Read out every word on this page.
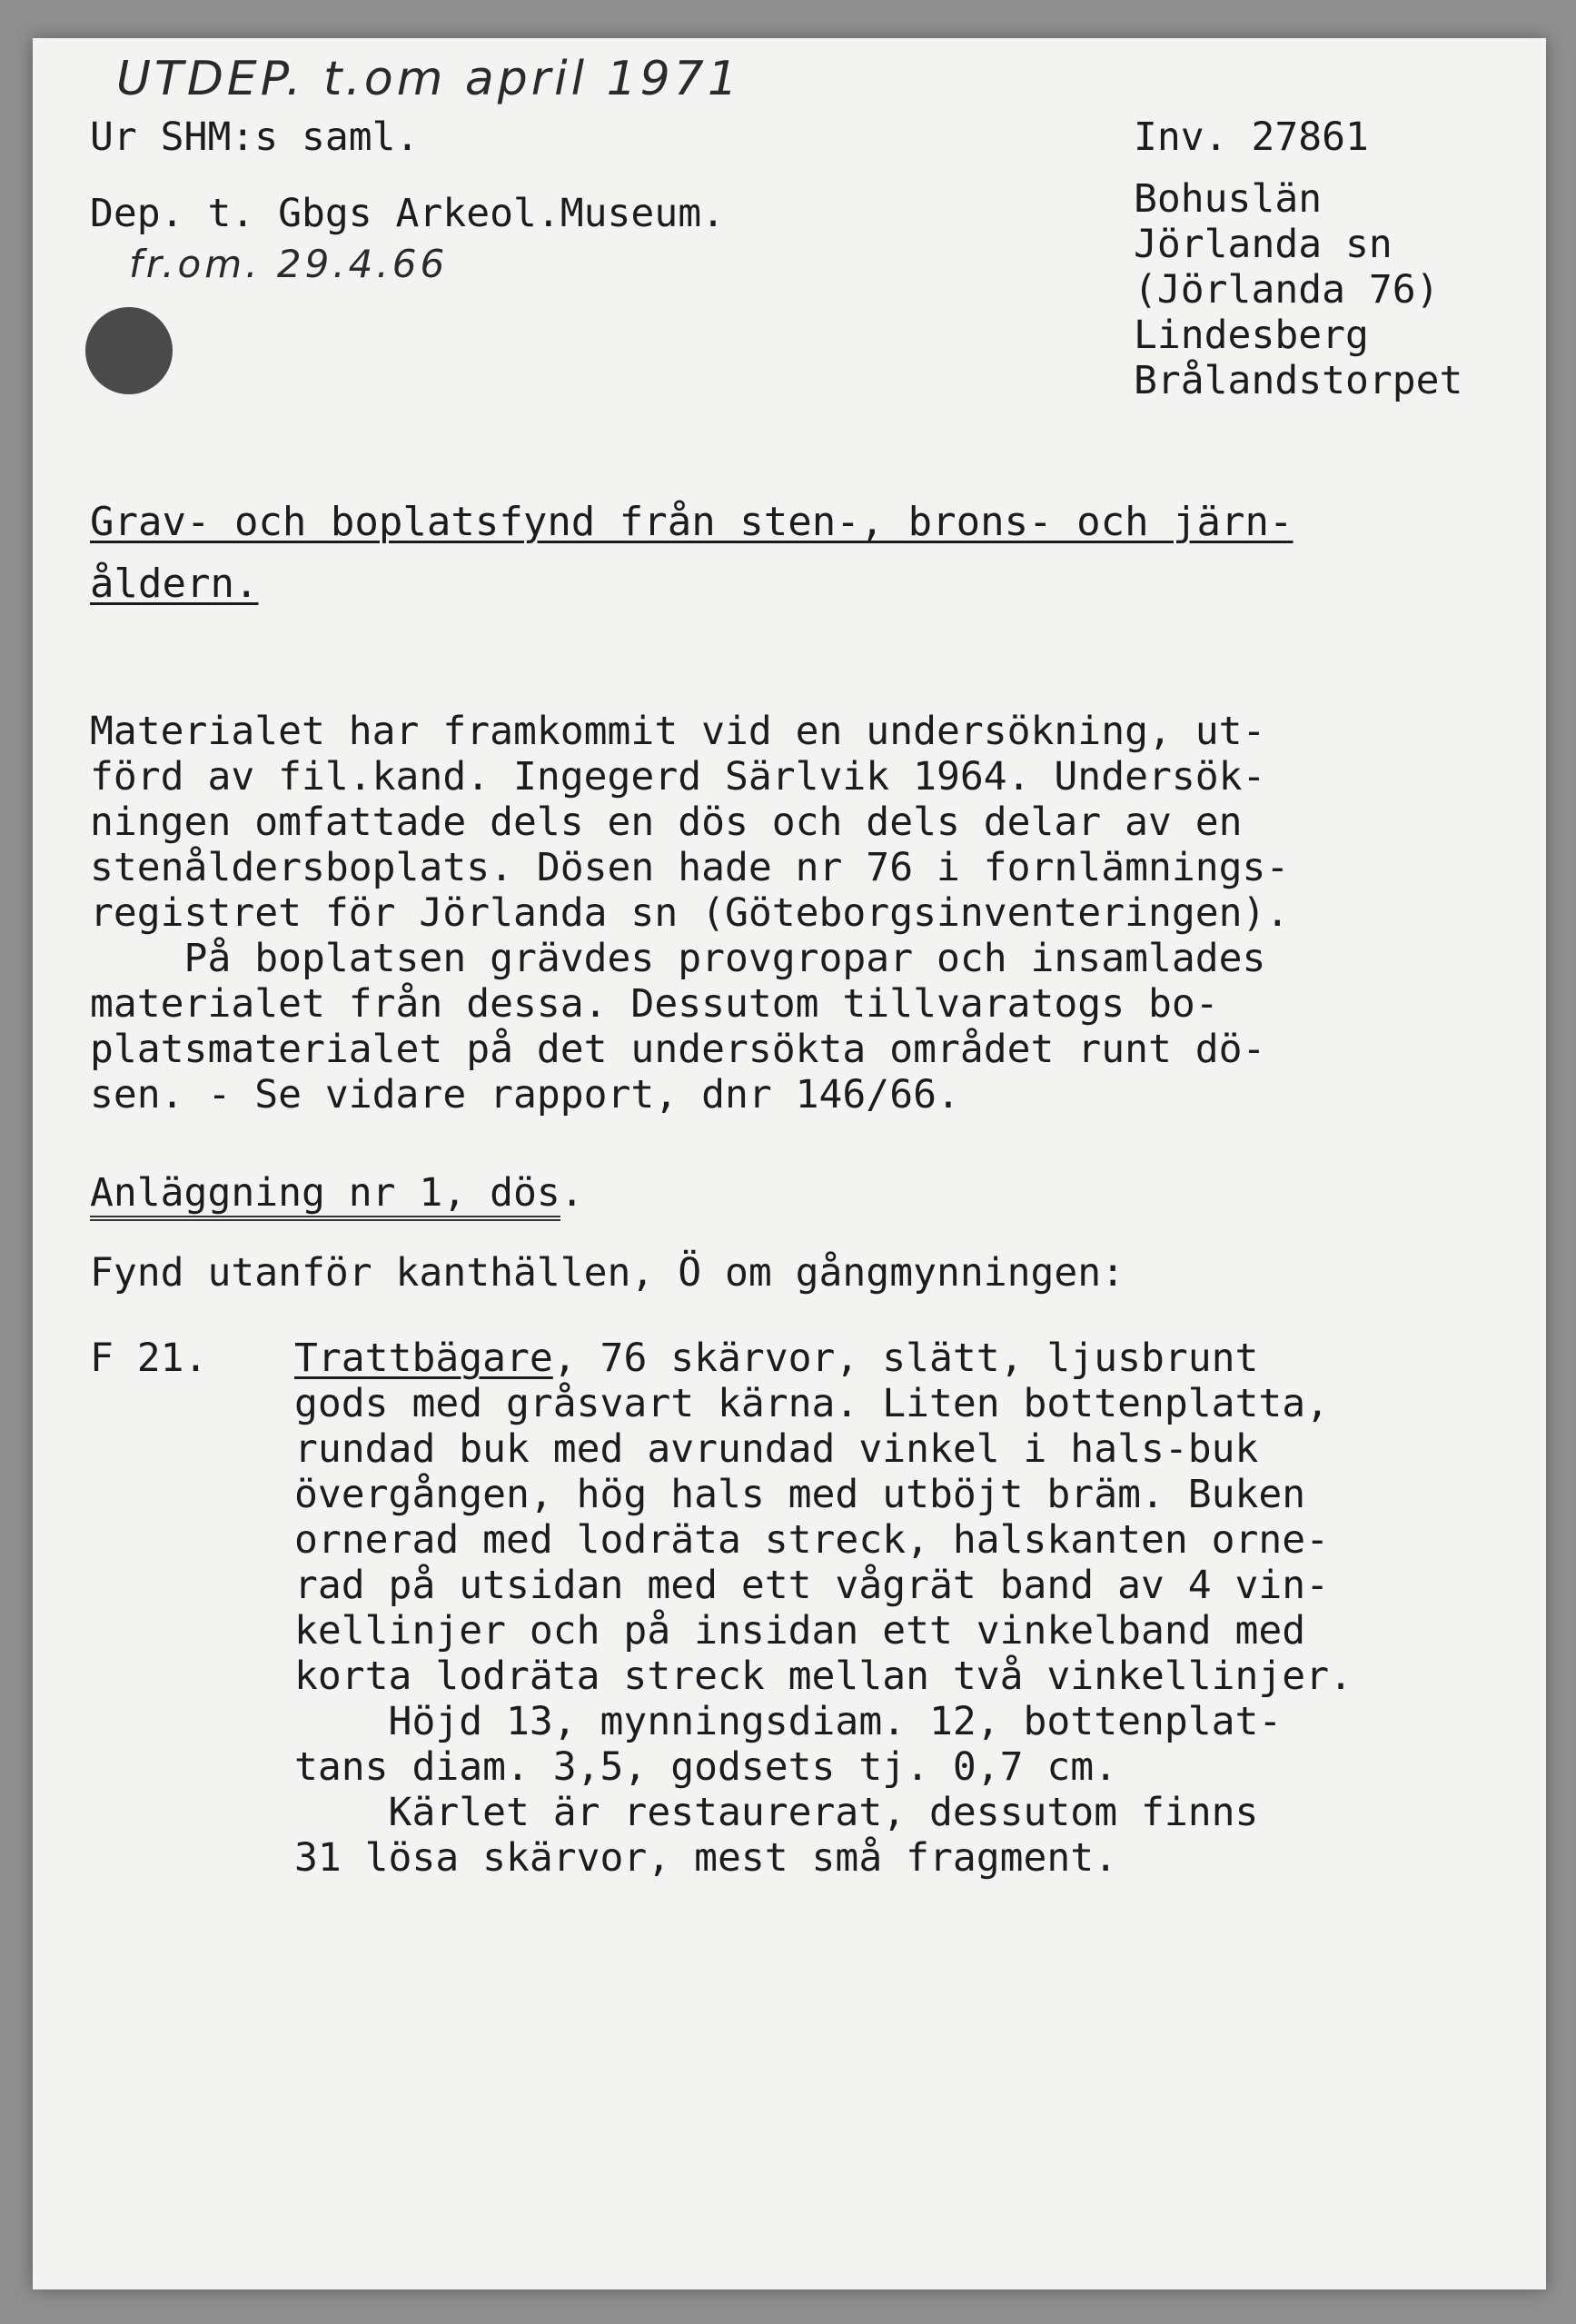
UTDEP. t.om april 1971
fr.om. 29.4.66
Ur SHM:s saml.
Dep. t. Gbgs Arkeol.Museum.
Inv. 27861
Bohuslän
Jörlanda sn
(Jörlanda 76)
Lindesberg
Brålandstorpet
Grav- och boplatsfynd från sten-, brons- och järn-
åldern.
Materialet har framkommit vid en undersökning, ut-
förd av fil.kand. Ingegerd Särlvik 1964. Undersök-
ningen omfattade dels en dös och dels delar av en
stenåldersboplats. Dösen hade nr 76 i fornlämnings-
registret för Jörlanda sn (Göteborgsinventeringen).
På boplatsen grävdes provgropar och insamlades
materialet från dessa. Dessutom tillvaratogs bo-
platsmaterialet på det undersökta området runt dö-
sen. - Se vidare rapport, dnr 146/66.
Anläggning nr 1, dös.
Fynd utanför kanthällen, Ö om gångmynningen:
F 21. Trattbägare, 76 skärvor, slätt, ljusbrunt
gods med gråsvart kärna. Liten bottenplatta,
rundad buk med avrundad vinkel i hals-buk
övergången, hög hals med utböjt bräm. Buken
ornerad med lodräta streck, halskanten orne-
rad på utsidan med ett vågrät band av 4 vin-
kellinjer och på insidan ett vinkelband med
korta lodräta streck mellan två vinkellinjer.
Höjd 13, mynningsdiam. 12, bottenplat-
tans diam. 3,5, godsets tj. 0,7 cm.
Kärlet är restaurerat, dessutom finns
31 lösa skärvor, mest små fragment.
